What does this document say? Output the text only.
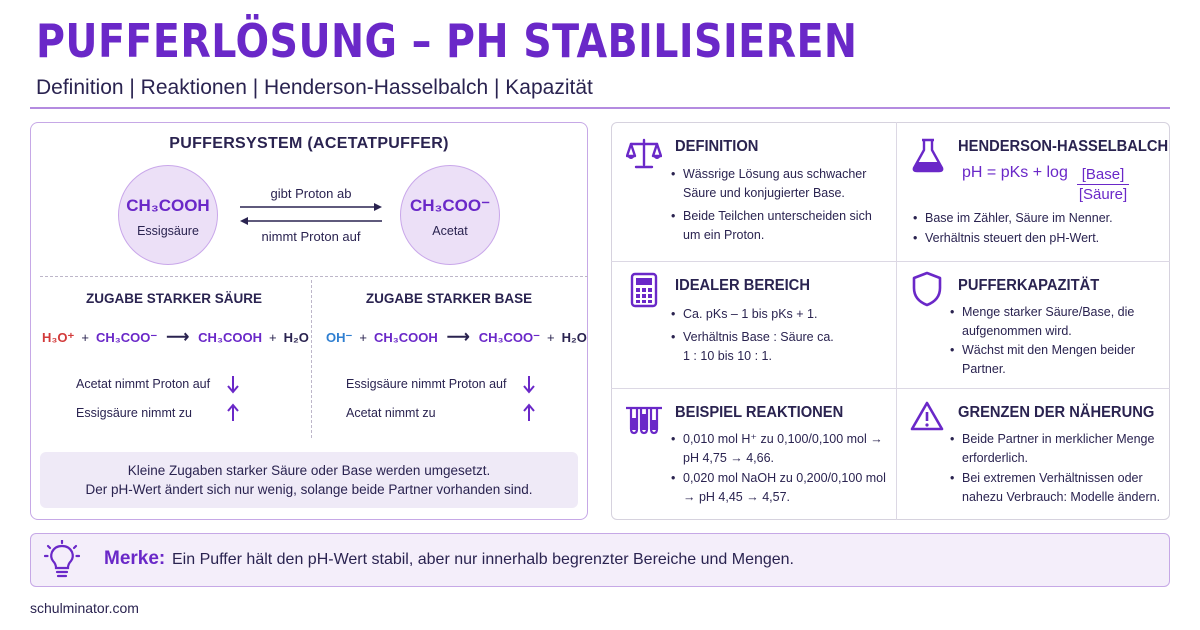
PUFFERLÖSUNG – PH STABILISIEREN
Definition | Reaktionen | Henderson-Hasselbalch | Kapazität
PUFFERSYSTEM (ACETATPUFFER)
CH₃COOH
Essigsäure
CH₃COO⁻
Acetat
gibt Proton ab
nimmt Proton auf
ZUGABE STARKER SÄURE
H₃O⁺ + CH₃COO⁻ ⟶ CH₃COOH + H₂O
Acetat nimmt Proton auf
Essigsäure nimmt zu
ZUGABE STARKER BASE
OH⁻ + CH₃COOH ⟶ CH₃COO⁻ + H₂O
Essigsäure nimmt Proton auf
Acetat nimmt zu
Kleine Zugaben starker Säure oder Base werden umgesetzt.
Der pH-Wert ändert sich nur wenig, solange beide Partner vorhanden sind.
DEFINITION
• Wässrige Lösung aus schwacher Säure und konjugierter Base.
• Beide Teilchen unterscheiden sich um ein Proton.
HENDERSON-HASSELBALCH
pH = pKs + log [Base]
[Säure]
• Base im Zähler, Säure im Nenner.
• Verhältnis steuert den pH-Wert.
IDEALER BEREICH
• Ca. pKs – 1 bis pKs + 1.
• Verhältnis Base : Säure ca. 1 : 10 bis 10 : 1.
PUFFERKAPAZITÄT
• Menge starker Säure/Base, die aufgenommen wird.
• Wächst mit den Mengen beider Partner.
BEISPIEL REAKTIONEN
• 0,010 mol H⁺ zu 0,100/0,100 mol → pH 4,75 → 4,66.
• 0,020 mol NaOH zu 0,200/0,100 mol → pH 4,45 → 4,57.
GRENZEN DER NÄHERUNG
• Beide Partner in merklicher Menge erforderlich.
• Bei extremen Verhältnissen oder nahezu Verbrauch: Modelle ändern.
Merke: Ein Puffer hält den pH-Wert stabil, aber nur innerhalb begrenzter Bereiche und Mengen.
schulminator.com
